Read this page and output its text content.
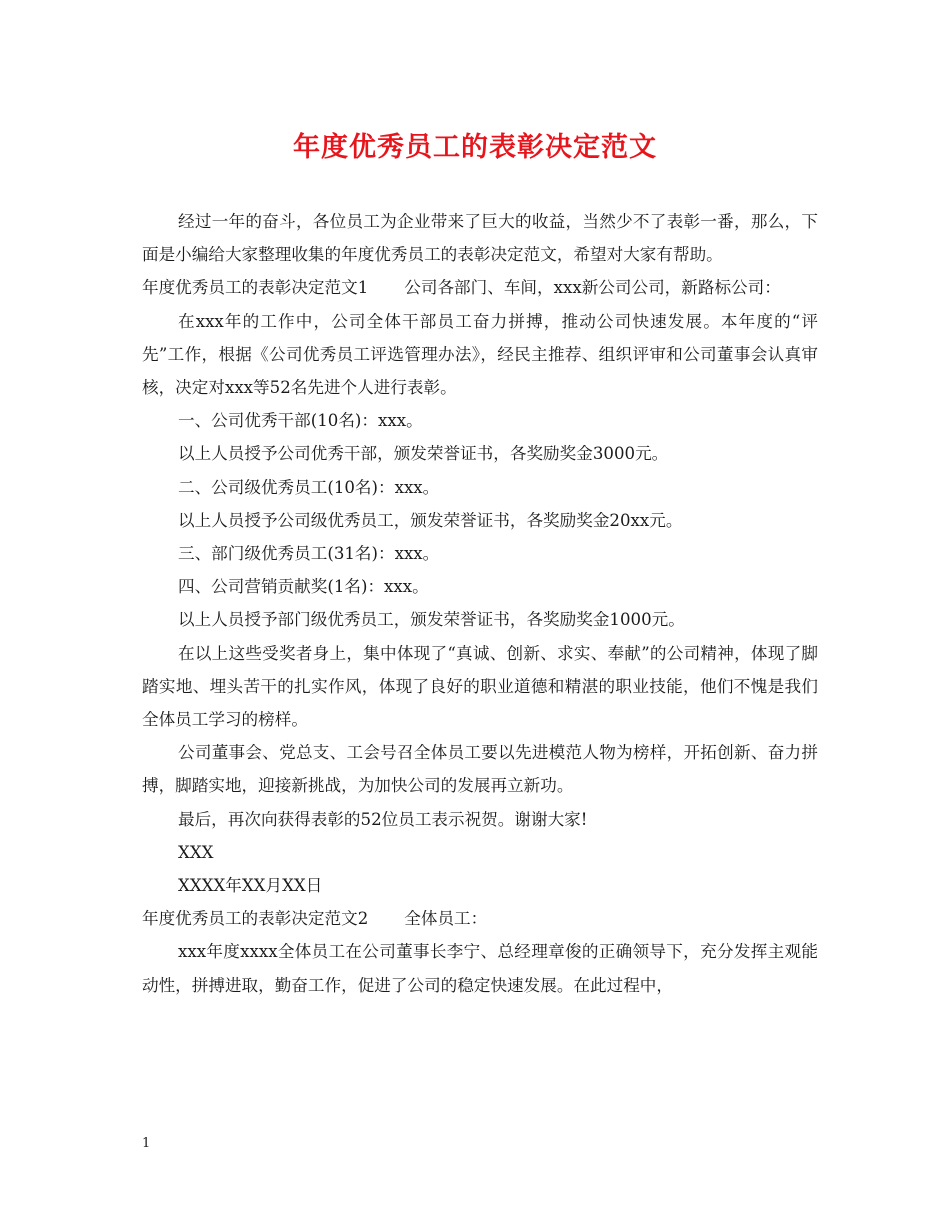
年度优秀员工的表彰决定范文

经过一年的奋斗，各位员工为企业带来了巨大的收益，当然少不了表彰一番，那么，下面是小编给大家整理收集的年度优秀员工的表彰决定范文，希望对大家有帮助。

年度优秀员工的表彰决定范文1 公司各部门、车间，xxx新公司公司，新路标公司：

在xxx年的工作中，公司全体干部员工奋力拼搏，推动公司快速发展。本年度的“评先”工作，根据《公司优秀员工评选管理办法》，经民主推荐、组织评审和公司董事会认真审核，决定对xxx等52名先进个人进行表彰。

一、公司优秀干部(10名)：xxx。

以上人员授予公司优秀干部，颁发荣誉证书，各奖励奖金3000元。

二、公司级优秀员工(10名)：xxx。

以上人员授予公司级优秀员工，颁发荣誉证书，各奖励奖金20xx元。

三、部门级优秀员工(31名)：xxx。

四、公司营销贡献奖(1名)：xxx。

以上人员授予部门级优秀员工，颁发荣誉证书，各奖励奖金1000元。

在以上这些受奖者身上，集中体现了“真诚、创新、求实、奉献”的公司精神，体现了脚踏实地、埋头苦干的扎实作风，体现了良好的职业道德和精湛的职业技能，他们不愧是我们全体员工学习的榜样。

公司董事会、党总支、工会号召全体员工要以先进模范人物为榜样，开拓创新、奋力拼搏，脚踏实地，迎接新挑战，为加快公司的发展再立新功。

最后，再次向获得表彰的52位员工表示祝贺。谢谢大家!

XXX

XXXX年XX月XX日

年度优秀员工的表彰决定范文2 全体员工：

xxx年度xxxx全体员工在公司董事长李宁、总经理章俊的正确领导下，充分发挥主观能动性，拼搏进取，勤奋工作，促进了公司的稳定快速发展。在此过程中，

1
